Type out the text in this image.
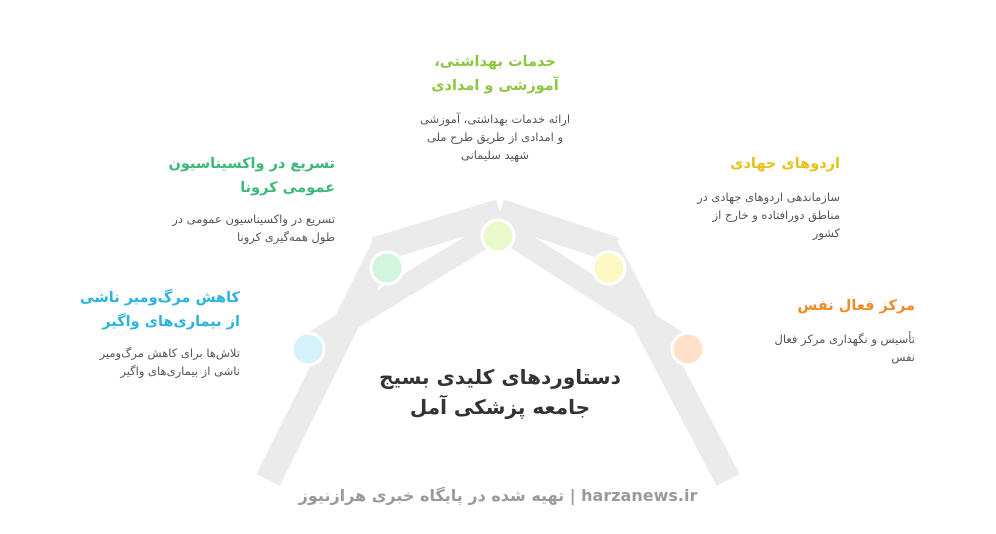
کاهش مرگ‌ومیر ناشی
از بیماری‌های واگیر
تلاش‌ها برای کاهش مرگ‌ومیر
ناشی از بیماری‌های واگیر
تسریع در واکسیناسیون
عمومی کرونا
تسریع در واکسیناسیون عمومی در
طول همه‌گیری کرونا
خدمات بهداشتی،
آموزشی و امدادی
ارائه خدمات بهداشتی، آموزشی
و امدادی از طریق طرح ملی
شهید سلیمانی
اردوهای جهادی
سازماندهی اردوهای جهادی در
مناطق دورافتاده و خارج از
کشور
مرکز فعال نفس
تأسیس و نگهداری مرکز فعال
نفس
دستاوردهای کلیدی بسیج
جامعه پزشکی آمل
harzanews.ir | تهیه شده در پایگاه خبری هرازنیوز
